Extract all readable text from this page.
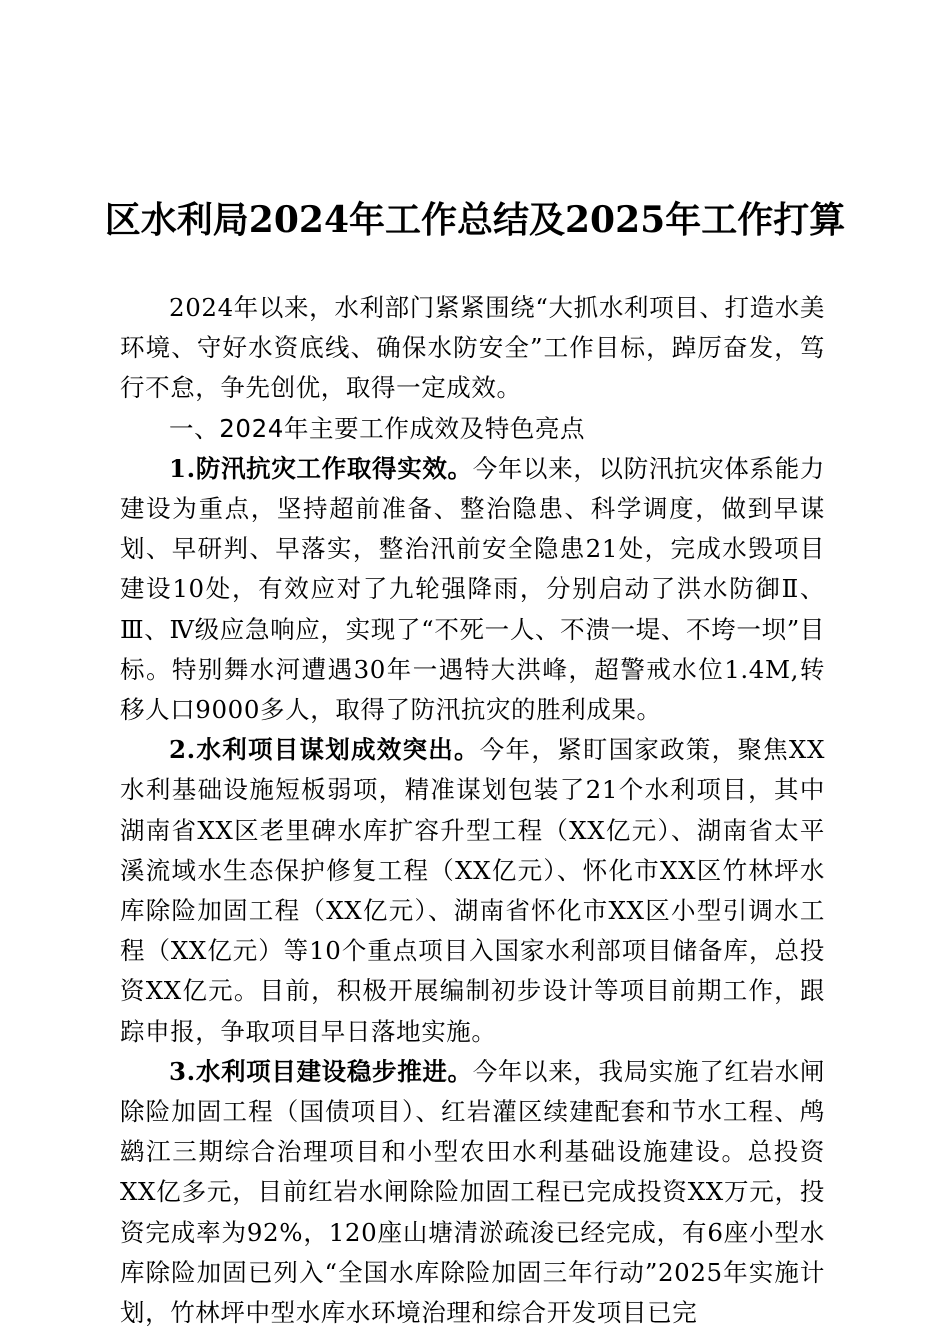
区水利局2024年工作总结及2025年工作打算

2024年以来，水利部门紧紧围绕“大抓水利项目、打造水美环境、守好水资底线、确保水防安全”工作目标，踔厉奋发，笃行不怠，争先创优，取得一定成效。

一、2024年主要工作成效及特色亮点

1.防汛抗灾工作取得实效。今年以来，以防汛抗灾体系能力建设为重点，坚持超前准备、整治隐患、科学调度，做到早谋划、早研判、早落实，整治汛前安全隐患21处，完成水毁项目建设10处，有效应对了九轮强降雨，分别启动了洪水防御Ⅱ、Ⅲ、Ⅳ级应急响应，实现了“不死一人、不溃一堤、不垮一坝”目标。特别舞水河遭遇30年一遇特大洪峰，超警戒水位1.4M,转移人口9000多人，取得了防汛抗灾的胜利成果。

2.水利项目谋划成效突出。今年，紧盯国家政策，聚焦XX水利基础设施短板弱项，精准谋划包装了21个水利项目，其中湖南省XX区老里碑水库扩容升型工程（XX亿元）、湖南省太平溪流域水生态保护修复工程（XX亿元）、怀化市XX区竹林坪水库除险加固工程（XX亿元）、湖南省怀化市XX区小型引调水工程（XX亿元）等10个重点项目入国家水利部项目储备库，总投资XX亿元。目前，积极开展编制初步设计等项目前期工作，跟踪申报，争取项目早日落地实施。

3.水利项目建设稳步推进。今年以来，我局实施了红岩水闸除险加固工程（国债项目）、红岩灌区续建配套和节水工程、鸬鹚江三期综合治理项目和小型农田水利基础设施建设。总投资XX亿多元，目前红岩水闸除险加固工程已完成投资XX万元，投资完成率为92%，120座山塘清淤疏浚已经完成，有6座小型水库除险加固已列入“全国水库除险加固三年行动”2025年实施计划，竹林坪中型水库水环境治理和综合开发项目已完
